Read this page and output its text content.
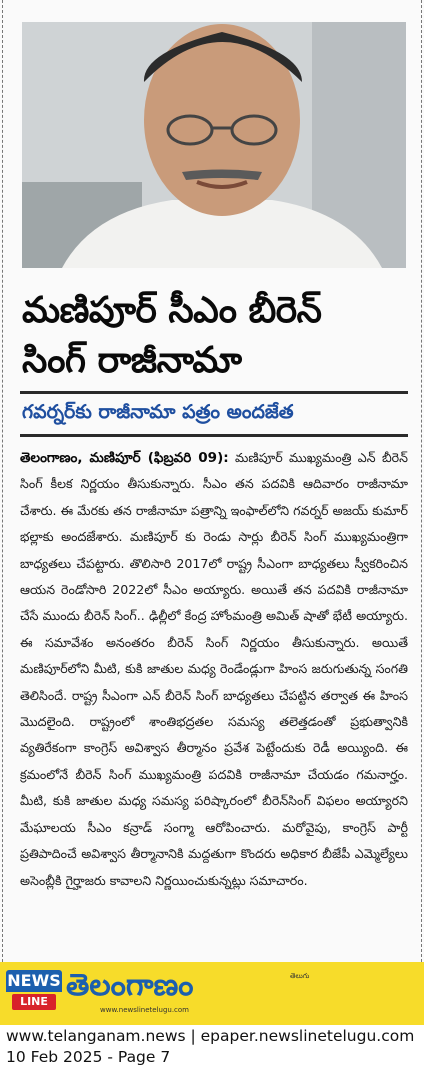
మణిపూర్ సీఎం బీరెన్
సింగ్ రాజీనామా
గవర్నర్‌కు రాజీనామా పత్రం అందజేత
తెలంగాణం, మణిపూర్ (ఫిబ్రవరి 09): మణిపూర్ ముఖ్యమంత్రి ఎన్ బీరెన్ సింగ్ కీలక నిర్ణయం తీసుకున్నారు. సీఎం తన పదవికి ఆదివారం రాజీనామా చేశారు. ఈ మేరకు తన రాజీనామా పత్రాన్ని ఇంఫాల్‌లోని గవర్నర్ అజయ్ కుమార్ భల్లాకు అందజేశారు. మణిపూర్ కు రెండు సార్లు బీరెన్ సింగ్ ముఖ్యమంత్రిగా బాధ్యతలు చేపట్టారు. తొలిసారి 2017లో రాష్ట్ర సీఎంగా బాధ్యతలు స్వీకరించిన ఆయన రెండోసారి 2022లో సీఎం అయ్యారు. అయితే తన పదవికి రాజీనామా చేసే ముందు బీరెన్ సింగ్.. ఢిల్లీలో కేంద్ర హోంమంత్రి అమిత్ షాతో భేటీ అయ్యారు. ఈ సమావేశం అనంతరం బీరెన్ సింగ్ నిర్ణయం తీసుకున్నారు. అయితే మణిపూర్‌లోని మీటి, కుకి జాతుల మధ్య రెండేండ్లుగా హింస జరుగుతున్న సంగతి తెలిసిందే. రాష్ట్ర సీఎంగా ఎన్ బీరెన్ సింగ్ బాధ్యతలు చేపట్టిన తర్వాత ఈ హింస మొదలైంది. రాష్ట్రంలో శాంతిభద్రతల సమస్య తలెత్తడంతో ప్రభుత్వానికి వ్యతిరేకంగా కాంగ్రెస్ అవిశ్వాస తీర్మానం ప్రవేశ పెట్టేందుకు రెడీ అయ్యింది. ఈ క్రమంలోనే బీరెన్ సింగ్ ముఖ్యమంత్రి పదవికి రాజీనామా చేయడం గమనార్హం. మీటి, కుకి జాతుల మధ్య సమస్య పరిష్కారంలో బీరెన్‌సింగ్ విఫలం అయ్యారని మేఘాలయ సీఎం కన్రాడ్ సంగ్మా ఆరోపించారు. మరోవైపు, కాంగ్రెస్ పార్టీ ప్రతిపాదించే అవిశ్వాస తీర్మానానికి మద్దతుగా కొందరు అధికార బీజేపీ ఎమ్మెల్యేలు అసెంబ్లీకి గైర్హాజరు కావాలని నిర్ణయించుకున్నట్లు సమాచారం.
NEWS
LINE తెలగాణం
www.newslinetelugu.com
తెలుగు
www.telanganam.news | epaper.newslinetelugu.com
10 Feb 2025 - Page 7
